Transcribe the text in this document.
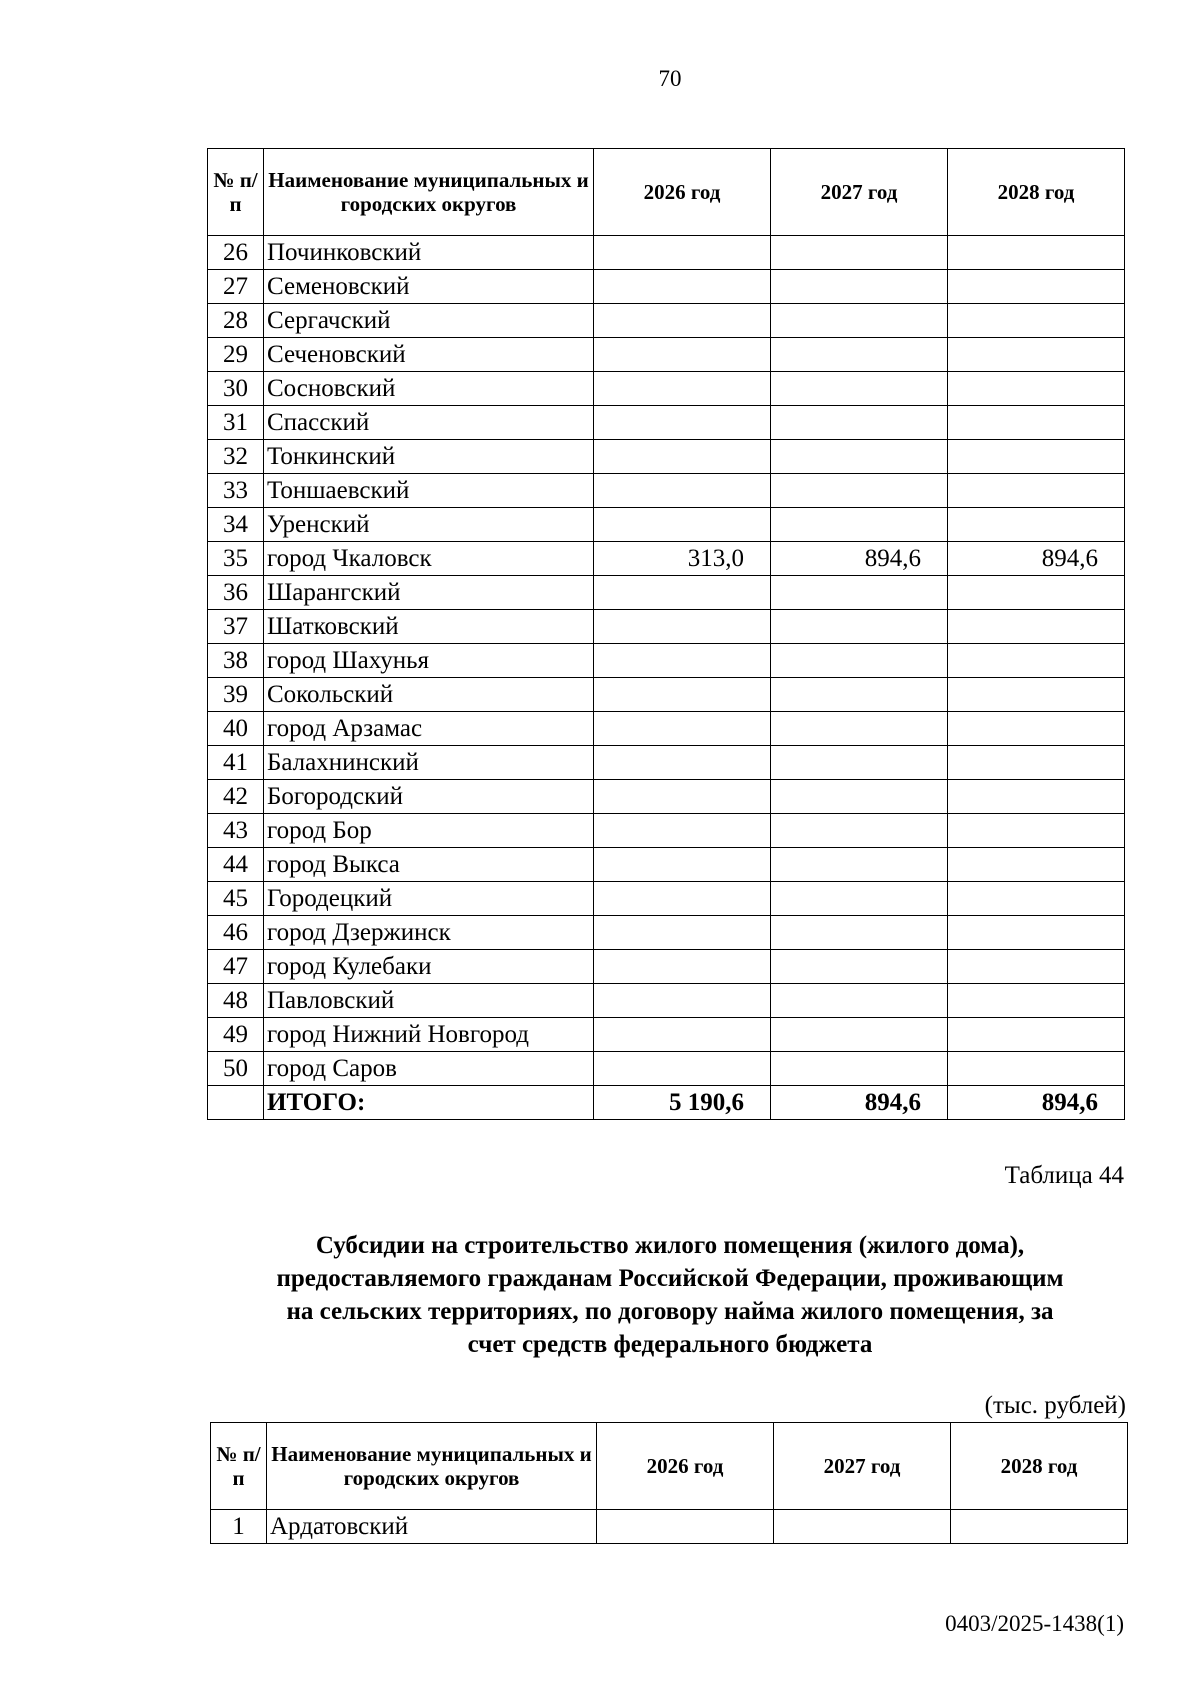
70
№ п/п	Наименование муниципальных и городских округов	2026 год	2027 год	2028 год
26	Починковский			
27	Семеновский			
28	Сергачский			
29	Сеченовский			
30	Сосновский			
31	Спасский			
32	Тонкинский			
33	Тоншаевский			
34	Уренский			
35	город Чкаловск	313,0	894,6	894,6
36	Шарангский			
37	Шатковский			
38	город Шахунья			
39	Сокольский			
40	город Арзамас			
41	Балахнинский			
42	Богородский			
43	город Бор			
44	город Выкса			
45	Городецкий			
46	город Дзержинск			
47	город Кулебаки			
48	Павловский			
49	город Нижний Новгород			
50	город Саров			
	ИТОГО:	5 190,6	894,6	894,6
Таблица 44
Субсидии на строительство жилого помещения (жилого дома),
предоставляемого гражданам Российской Федерации, проживающим
на сельских территориях, по договору найма жилого помещения, за
счет средств федерального бюджета
(тыс. рублей)
№ п/п	Наименование муниципальных и городских округов	2026 год	2027 год	2028 год
1	Ардатовский			
0403/2025-1438(1)
